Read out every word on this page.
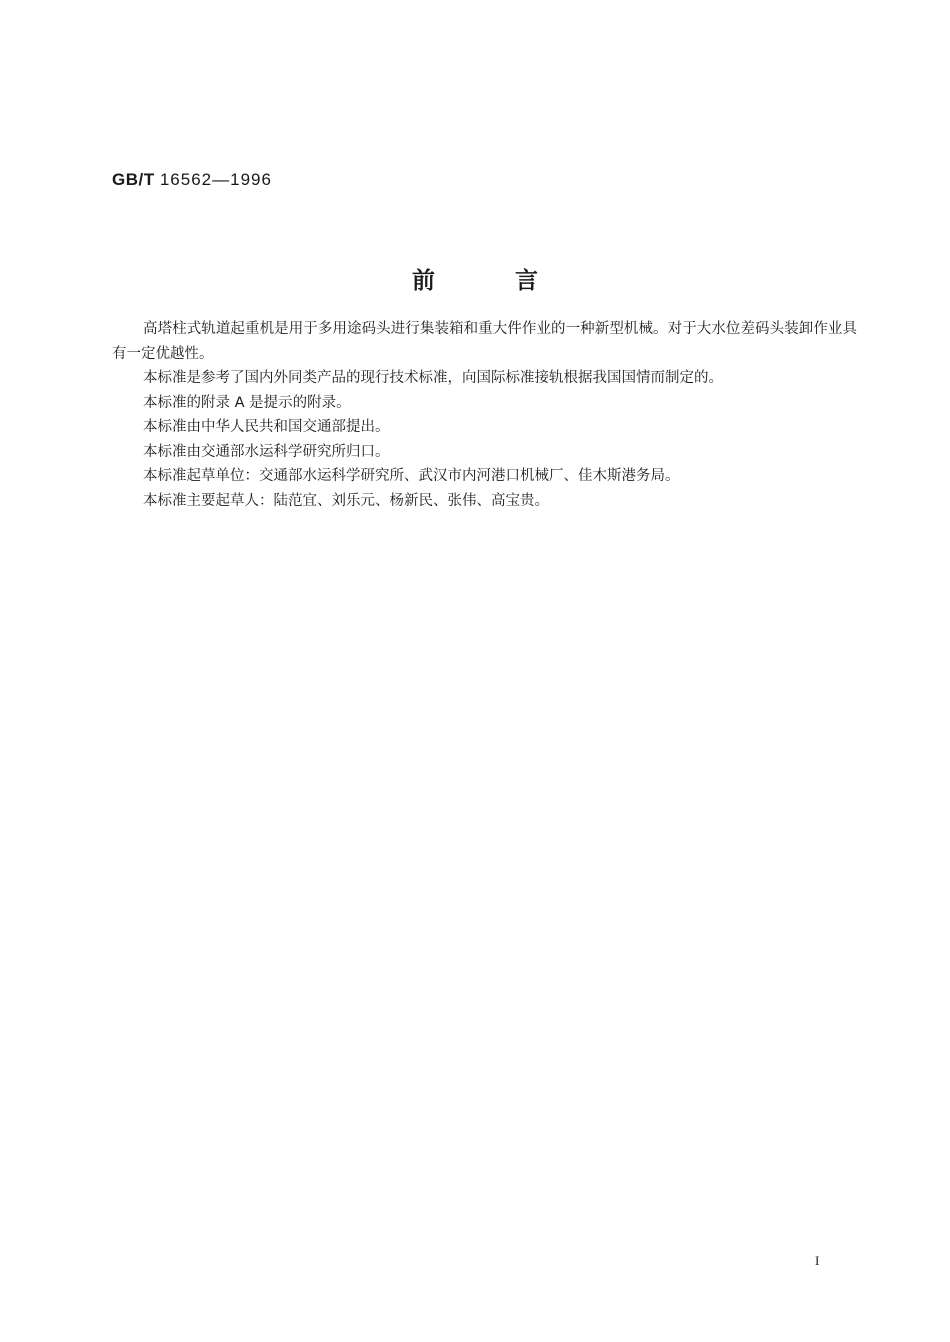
GB/T 16562—1996
前言

高塔柱式轨道起重机是用于多用途码头进行集装箱和重大件作业的一种新型机械。对于大水位差码头装卸作业具有一定优越性。

本标准是参考了国内外同类产品的现行技术标准，向国际标准接轨根据我国国情而制定的。

本标准的附录 A 是提示的附录。

本标准由中华人民共和国交通部提出。

本标准由交通部水运科学研究所归口。

本标准起草单位：交通部水运科学研究所、武汉市内河港口机械厂、佳木斯港务局。

本标准主要起草人：陆范宜、刘乐元、杨新民、张伟、高宝贵。

I
